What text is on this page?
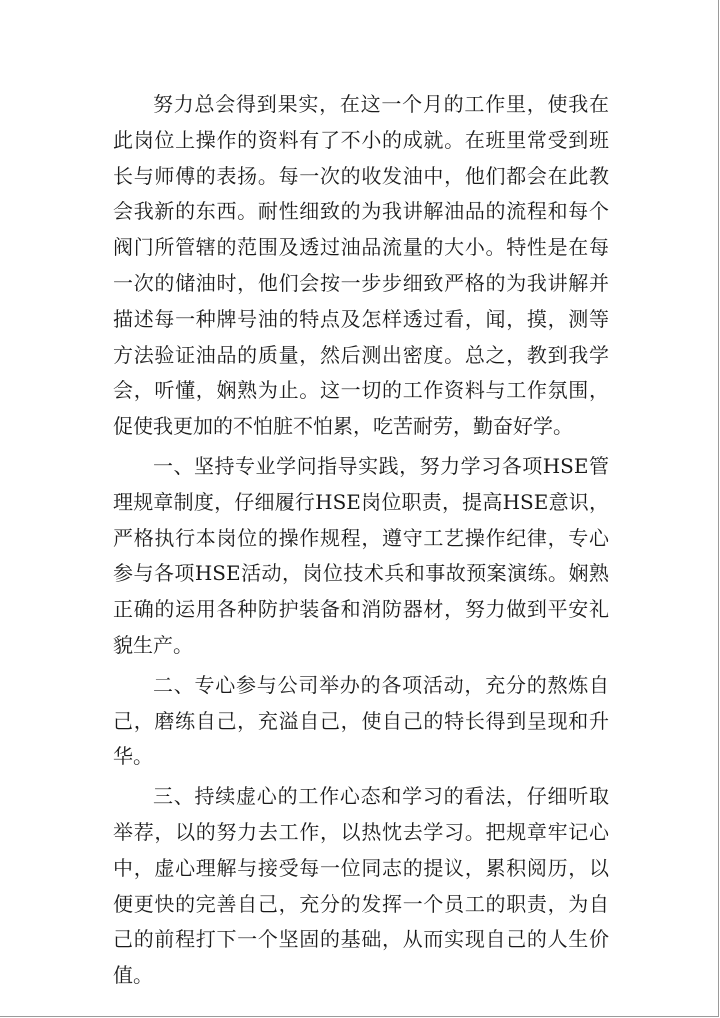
努力总会得到果实，在这一个月的工作里，使我在此岗位上操作的资料有了不小的成就。在班里常受到班长与师傅的表扬。每一次的收发油中，他们都会在此教会我新的东西。耐性细致的为我讲解油品的流程和每个阀门所管辖的范围及透过油品流量的大小。特性是在每一次的储油时，他们会按一步步细致严格的为我讲解并描述每一种牌号油的特点及怎样透过看，闻，摸，测等方法验证油品的质量，然后测出密度。总之，教到我学会，听懂，娴熟为止。这一切的工作资料与工作氛围，促使我更加的不怕脏不怕累，吃苦耐劳，勤奋好学。

一、坚持专业学问指导实践，努力学习各项HSE管理规章制度，仔细履行HSE岗位职责，提高HSE意识，严格执行本岗位的操作规程，遵守工艺操作纪律，专心参与各项HSE活动，岗位技术兵和事故预案演练。娴熟正确的运用各种防护装备和消防器材，努力做到平安礼貌生产。

二、专心参与公司举办的各项活动，充分的熬炼自己，磨练自己，充溢自己，使自己的特长得到呈现和升华。

三、持续虚心的工作心态和学习的看法，仔细听取举荐，以的努力去工作，以热忱去学习。把规章牢记心中，虚心理解与接受每一位同志的提议，累积阅历，以便更快的完善自己，充分的发挥一个员工的职责，为自己的前程打下一个坚固的基础，从而实现自己的人生价值。
